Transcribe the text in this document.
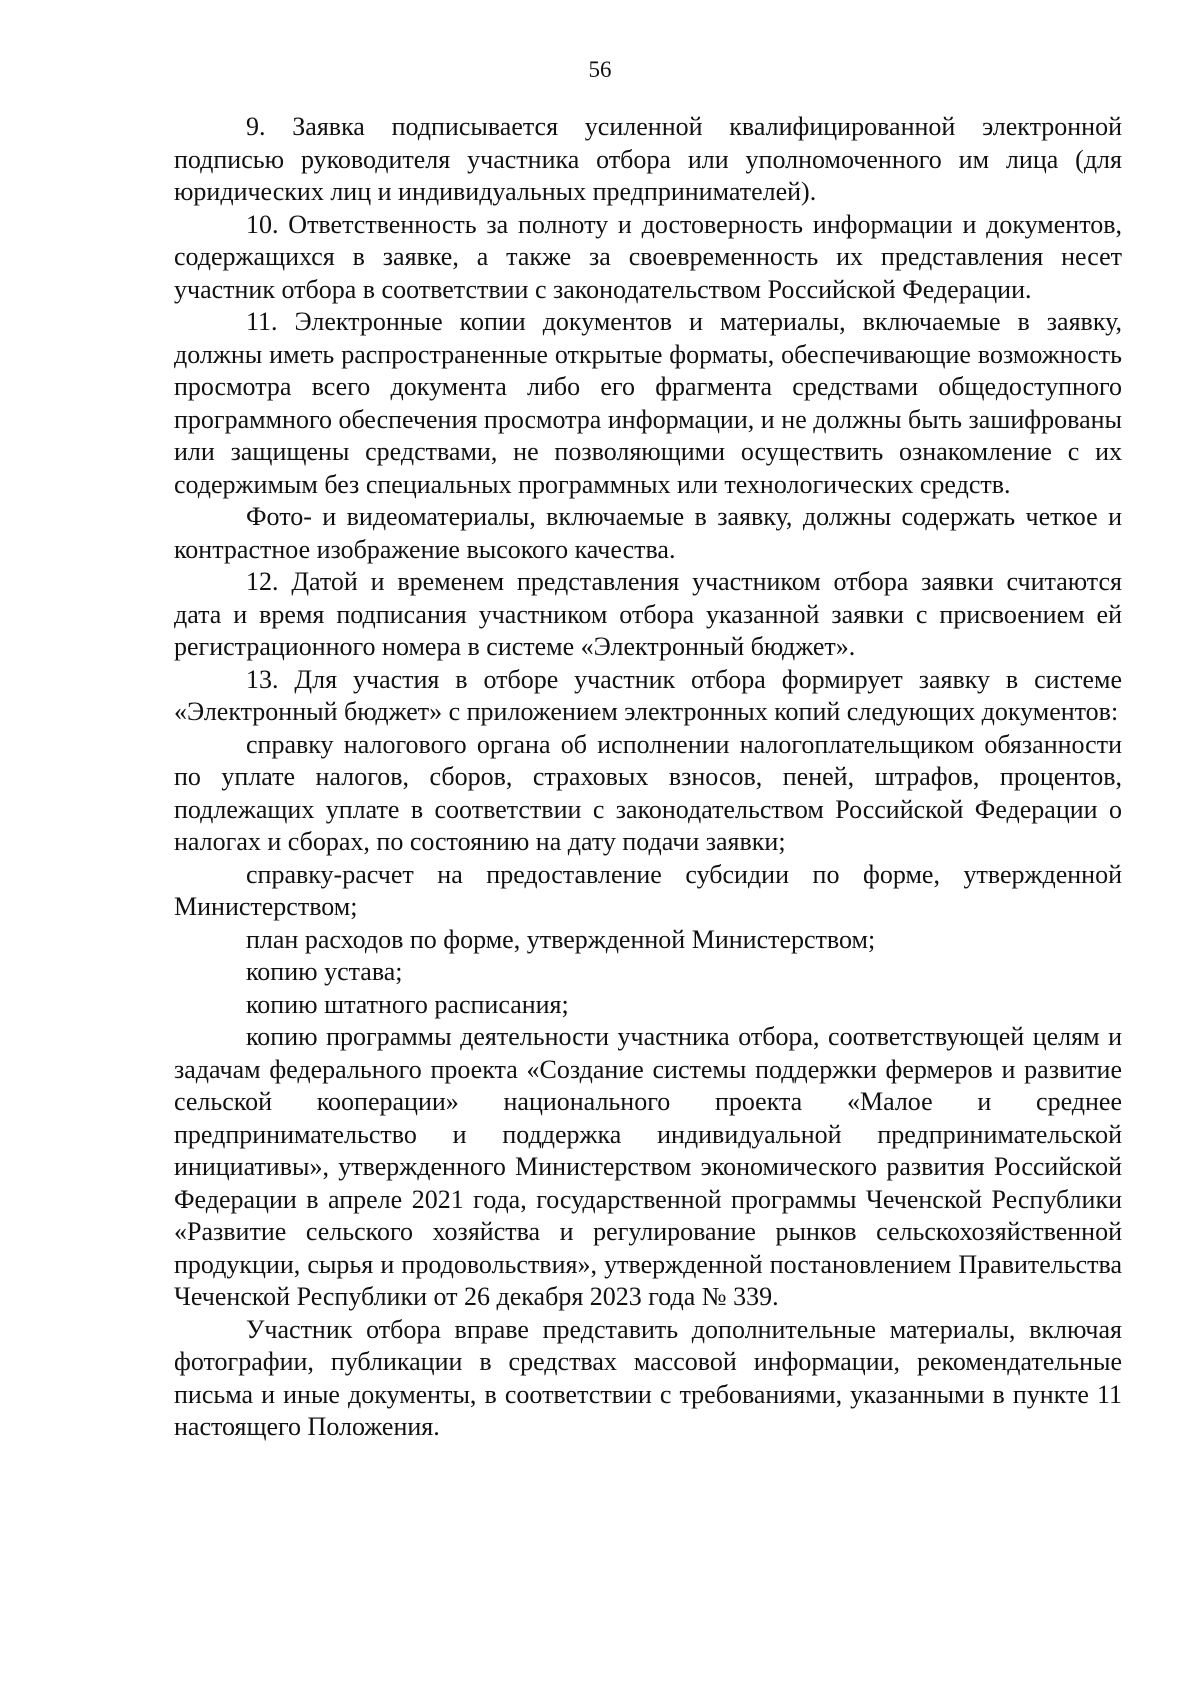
56

9. Заявка подписывается усиленной квалифицированной электронной подписью руководителя участника отбора или уполномоченного им лица (для юридических лиц и индивидуальных предпринимателей).

10. Ответственность за полноту и достоверность информации и документов, содержащихся в заявке, а также за своевременность их представления несет участник отбора в соответствии с законодательством Российской Федерации.

11. Электронные копии документов и материалы, включаемые в заявку, должны иметь распространенные открытые форматы, обеспечивающие возможность просмотра всего документа либо его фрагмента средствами общедоступного программного обеспечения просмотра информации, и не должны быть зашифрованы или защищены средствами, не позволяющими осуществить ознакомление с их содержимым без специальных программных или технологических средств.

Фото- и видеоматериалы, включаемые в заявку, должны содержать четкое и контрастное изображение высокого качества.

12. Датой и временем представления участником отбора заявки считаются дата и время подписания участником отбора указанной заявки с присвоением ей регистрационного номера в системе «Электронный бюджет».

13. Для участия в отборе участник отбора формирует заявку в системе «Электронный бюджет» с приложением электронных копий следующих документов:

справку налогового органа об исполнении налогоплательщиком обязанности по уплате налогов, сборов, страховых взносов, пеней, штрафов, процентов, подлежащих уплате в соответствии с законодательством Российской Федерации о налогах и сборах, по состоянию на дату подачи заявки;

справку-расчет на предоставление субсидии по форме, утвержденной Министерством;

план расходов по форме, утвержденной Министерством;

копию устава;

копию штатного расписания;

копию программы деятельности участника отбора, соответствующей целям и задачам федерального проекта «Создание системы поддержки фермеров и развитие сельской кооперации» национального проекта «Малое и среднее предпринимательство и поддержка индивидуальной предпринимательской инициативы», утвержденного Министерством экономического развития Российской Федерации в апреле 2021 года, государственной программы Чеченской Республики «Развитие сельского хозяйства и регулирование рынков сельскохозяйственной продукции, сырья и продовольствия», утвержденной постановлением Правительства Чеченской Республики от 26 декабря 2023 года № 339.

Участник отбора вправе представить дополнительные материалы, включая фотографии, публикации в средствах массовой информации, рекомендательные письма и иные документы, в соответствии с требованиями, указанными в пункте 11 настоящего Положения.
